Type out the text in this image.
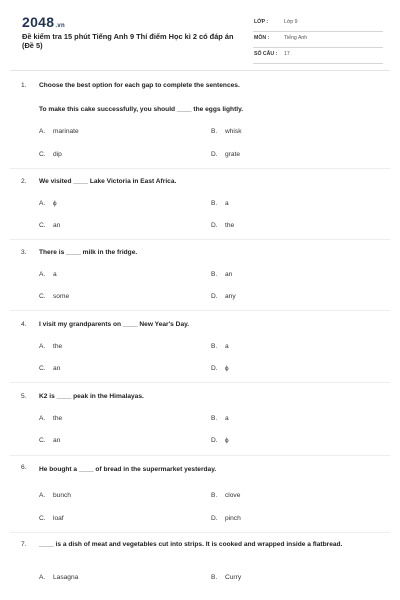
2048.vn
Đề kiểm tra 15 phút Tiếng Anh 9 Thí điểm Học kì 2 có đáp án (Đề 5)
LỚP :	Lớp 9
MÔN :	Tiếng Anh
SỐ CÂU : 17
1. Choose the best option for each gap to complete the sentences.
To make this cake successfully, you should ____ the eggs lightly.
A. marinate	B. whisk
C. dip	D. grate
2. We visited ____ Lake Victoria in East Africa.
A. ɸ	B. a
C. an	D. the
3. There is ____ milk in the fridge.
A. a	B. an
C. some	D. any
4. I visit my grandparents on ____ New Year's Day.
A. the	B. a
C. an	D. ɸ
5. K2 is ____ peak in the Himalayas.
A. the	B. a
C. an	D. ɸ
6. He bought a ____ of bread in the supermarket yesterday.
A. bunch	B. clove
C. loaf	D. pinch
7. ____ is a dish of meat and vegetables cut into strips. It is cooked and wrapped inside a flatbread.
A. Lasagna	B. Curry
